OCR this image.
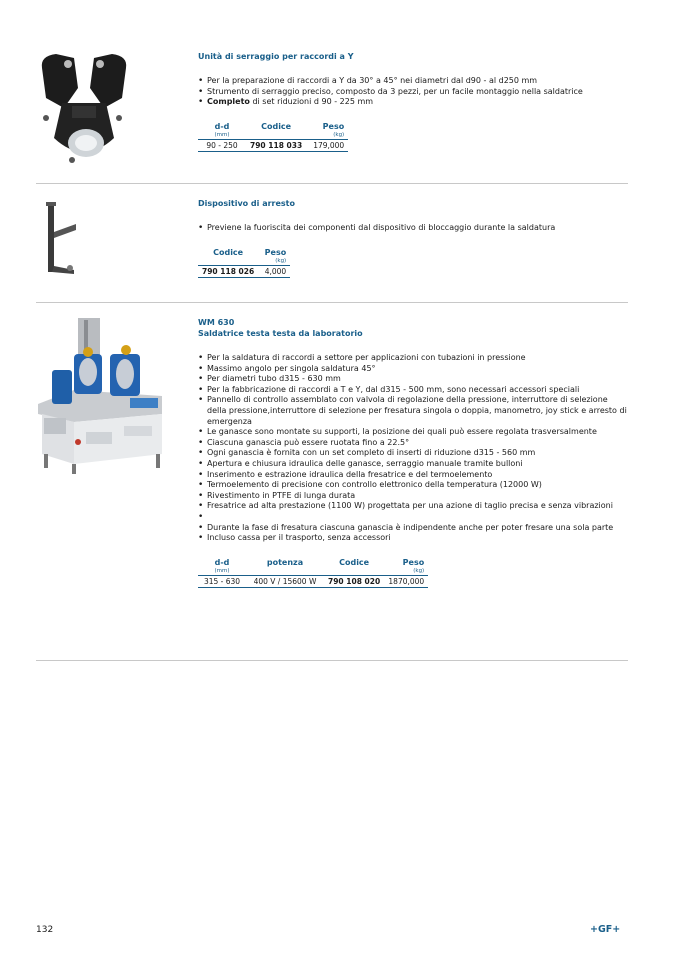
Unità di serraggio per raccordi a Y

• Per la preparazione di raccordi a Y da 30° a 45° nei diametri dal d90 - al d250 mm
• Strumento di serraggio preciso, composto da 3 pezzi, per un facile montaggio nella saldatrice
• Completo di set riduzioni d 90 - 225 mm
d-d	Codice	Peso
(mm)		(kg)
90 - 250	790 118 033	179,000

Dispositivo di arresto

• Previene la fuoriscita dei componenti dal dispositivo di bloccaggio durante la saldatura
Codice	Peso
	(kg)
790 118 026	4,000

WM 630

Saldatrice testa testa da laboratorio

• Per la saldatura di raccordi a settore per applicazioni con tubazioni in pressione
• Massimo angolo per singola saldatura 45°
• Per diametri tubo d315 - 630 mm
• Per la fabbricazione di raccordi a T e Y, dal d315 - 500 mm, sono necessari accessori speciali
• Pannello di controllo assemblato con valvola di regolazione della pressione, interruttore di selezione della pressione,interruttore di selezione per fresatura singola o doppia, manometro, joy stick e arresto di emergenza
• Le ganasce sono montate su supporti, la posizione dei quali può essere regolata trasversalmente
• Ciascuna ganascia può essere ruotata fino a 22.5°
• Ogni ganascia è fornita con un set completo di inserti di riduzione d315 - 560 mm
• Apertura e chiusura idraulica delle ganasce, serraggio manuale tramite bulloni
• Inserimento e estrazione idraulica della fresatrice e del termoelemento
• Termoelemento di precisione con controllo elettronico della temperatura (12000 W)
• Rivestimento in PTFE di lunga durata
• Fresatrice ad alta prestazione (1100 W) progettata per una azione di taglio precisa e senza vibrazioni
•
• Durante la fase di fresatura ciascuna ganascia è indipendente anche per poter fresare una sola parte
• Incluso cassa per il trasporto, senza accessori
d-d	potenza	Codice	Peso
(mm)			(kg)
315 - 630	400 V / 15600 W	790 108 020	1870,000
132	+GF+
